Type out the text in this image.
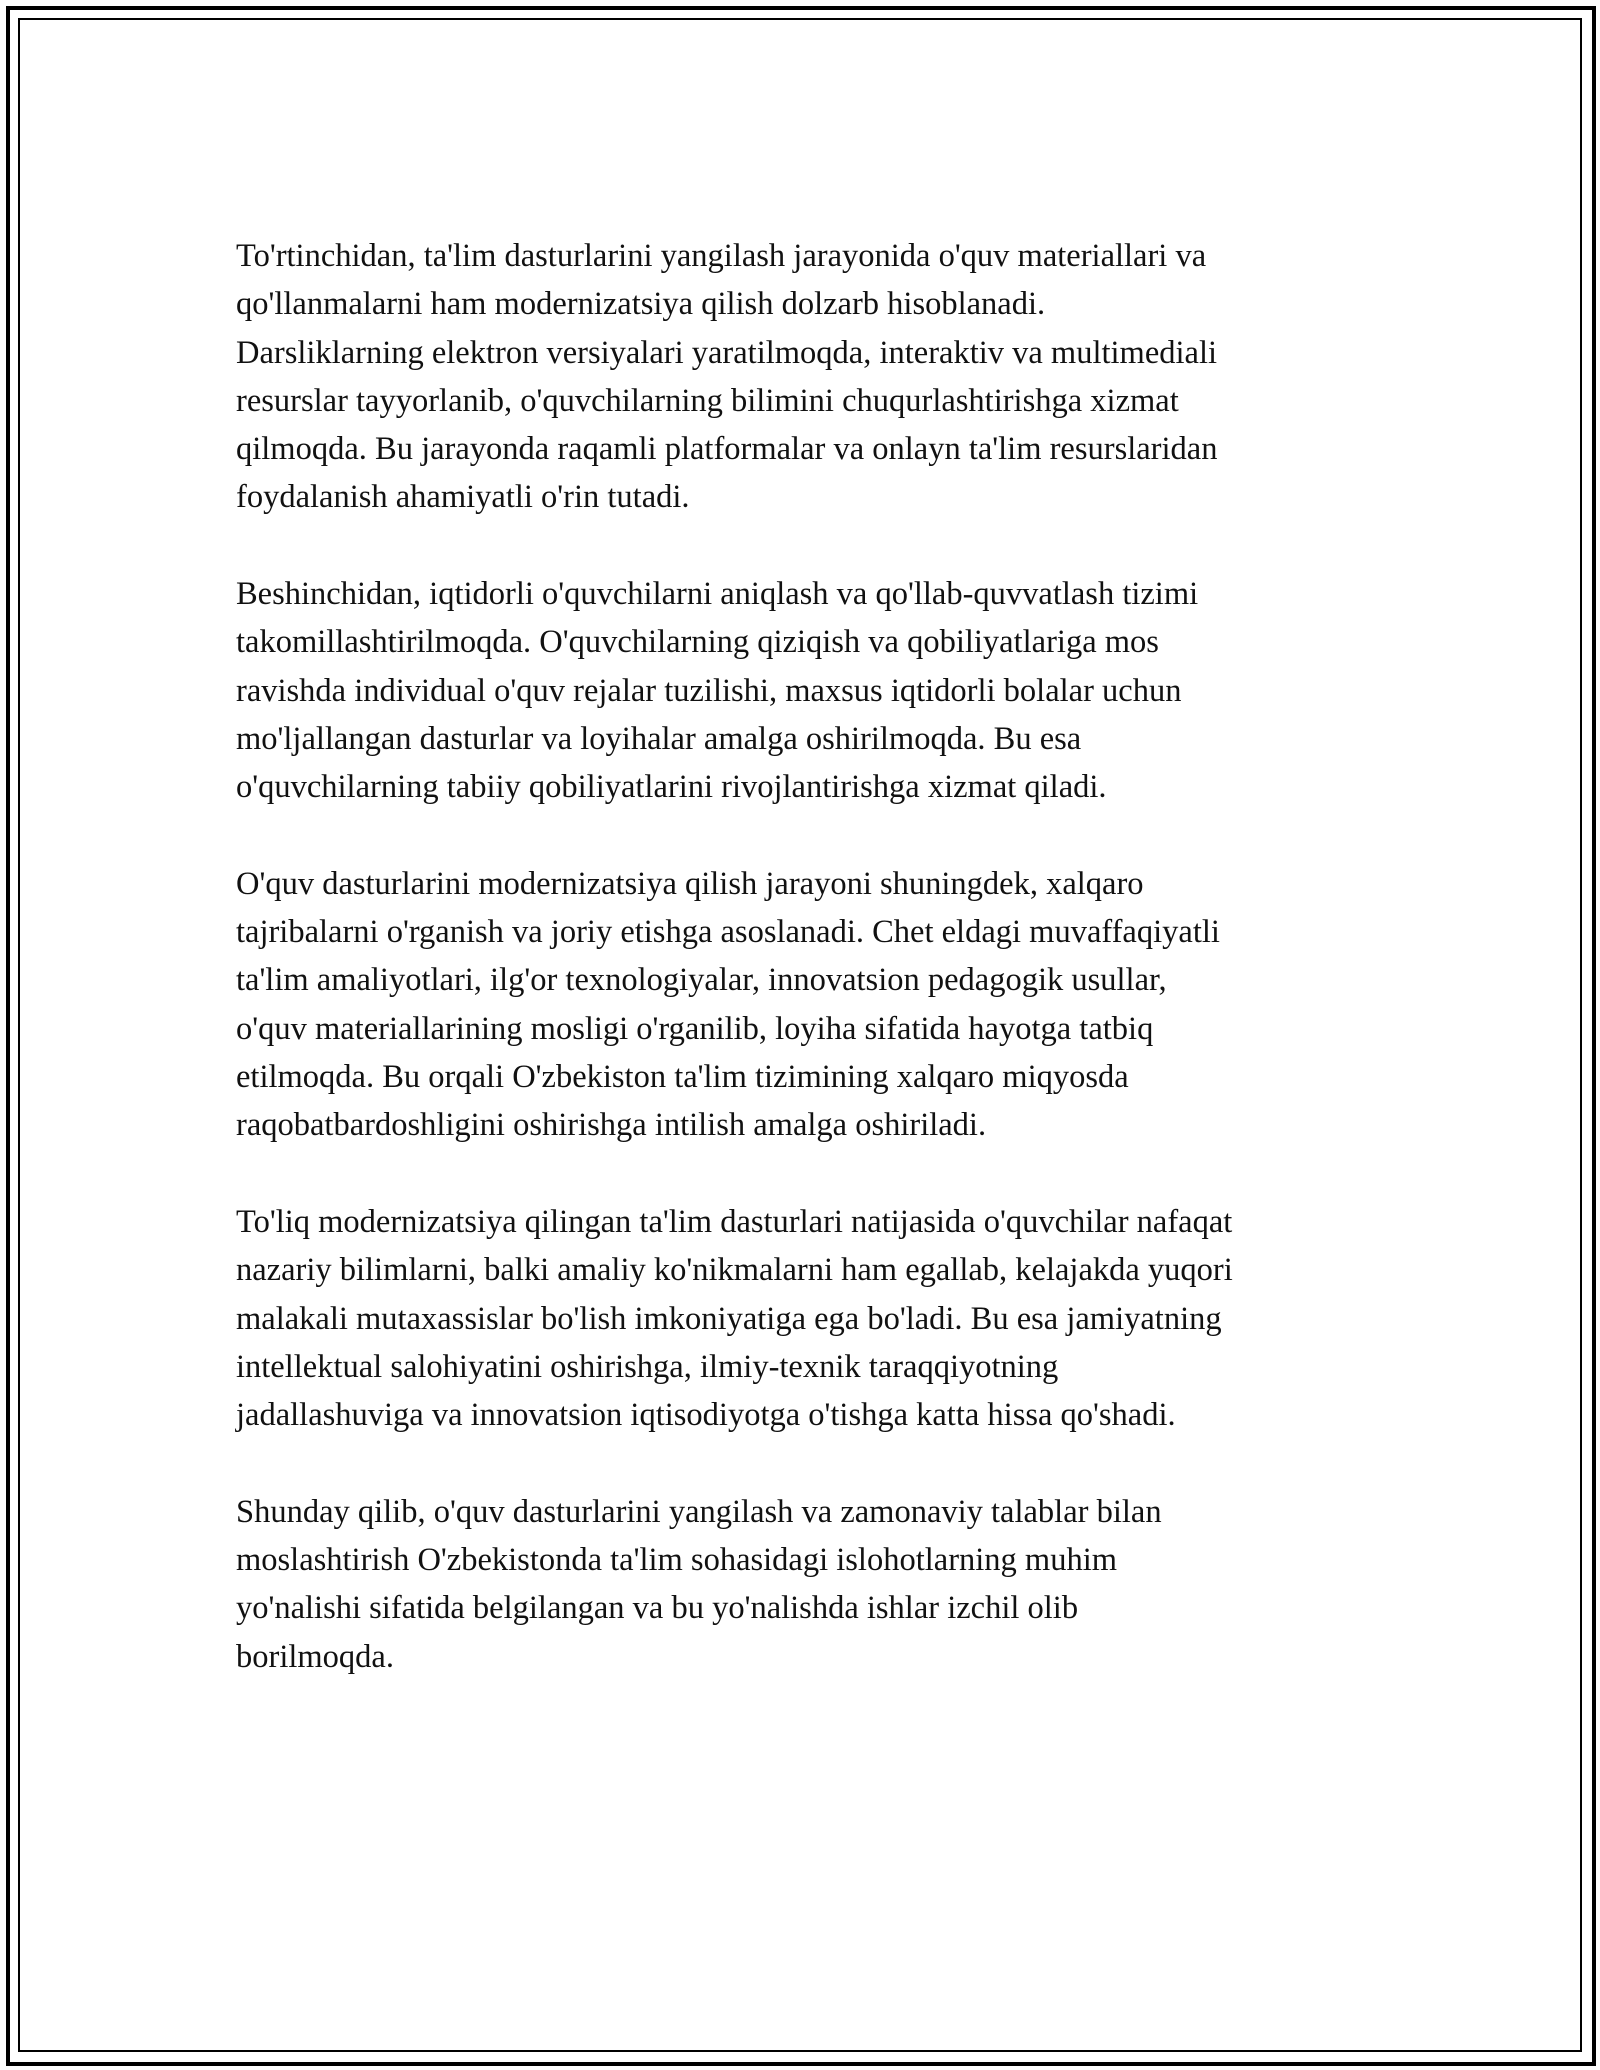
To'rtinchidan, ta'lim dasturlarini yangilash jarayonida o'quv materiallari va
qo'llanmalarni ham modernizatsiya qilish dolzarb hisoblanadi.
Darsliklarning elektron versiyalari yaratilmoqda, interaktiv va multimediali
resurslar tayyorlanib, o'quvchilarning bilimini chuqurlashtirishga xizmat
qilmoqda. Bu jarayonda raqamli platformalar va onlayn ta'lim resurslaridan
foydalanish ahamiyatli o'rin tutadi.

Beshinchidan, iqtidorli o'quvchilarni aniqlash va qo'llab-quvvatlash tizimi
takomillashtirilmoqda. O'quvchilarning qiziqish va qobiliyatlariga mos
ravishda individual o'quv rejalar tuzilishi, maxsus iqtidorli bolalar uchun
mo'ljallangan dasturlar va loyihalar amalga oshirilmoqda. Bu esa
o'quvchilarning tabiiy qobiliyatlarini rivojlantirishga xizmat qiladi.

O'quv dasturlarini modernizatsiya qilish jarayoni shuningdek, xalqaro
tajribalarni o'rganish va joriy etishga asoslanadi. Chet eldagi muvaffaqiyatli
ta'lim amaliyotlari, ilg'or texnologiyalar, innovatsion pedagogik usullar,
o'quv materiallarining mosligi o'rganilib, loyiha sifatida hayotga tatbiq
etilmoqda. Bu orqali O'zbekiston ta'lim tizimining xalqaro miqyosda
raqobatbardoshligini oshirishga intilish amalga oshiriladi.

To'liq modernizatsiya qilingan ta'lim dasturlari natijasida o'quvchilar nafaqat
nazariy bilimlarni, balki amaliy ko'nikmalarni ham egallab, kelajakda yuqori
malakali mutaxassislar bo'lish imkoniyatiga ega bo'ladi. Bu esa jamiyatning
intellektual salohiyatini oshirishga, ilmiy-texnik taraqqiyotning
jadallashuviga va innovatsion iqtisodiyotga o'tishga katta hissa qo'shadi.

Shunday qilib, o'quv dasturlarini yangilash va zamonaviy talablar bilan
moslashtirish O'zbekistonda ta'lim sohasidagi islohotlarning muhim
yo'nalishi sifatida belgilangan va bu yo'nalishda ishlar izchil olib
borilmoqda.
